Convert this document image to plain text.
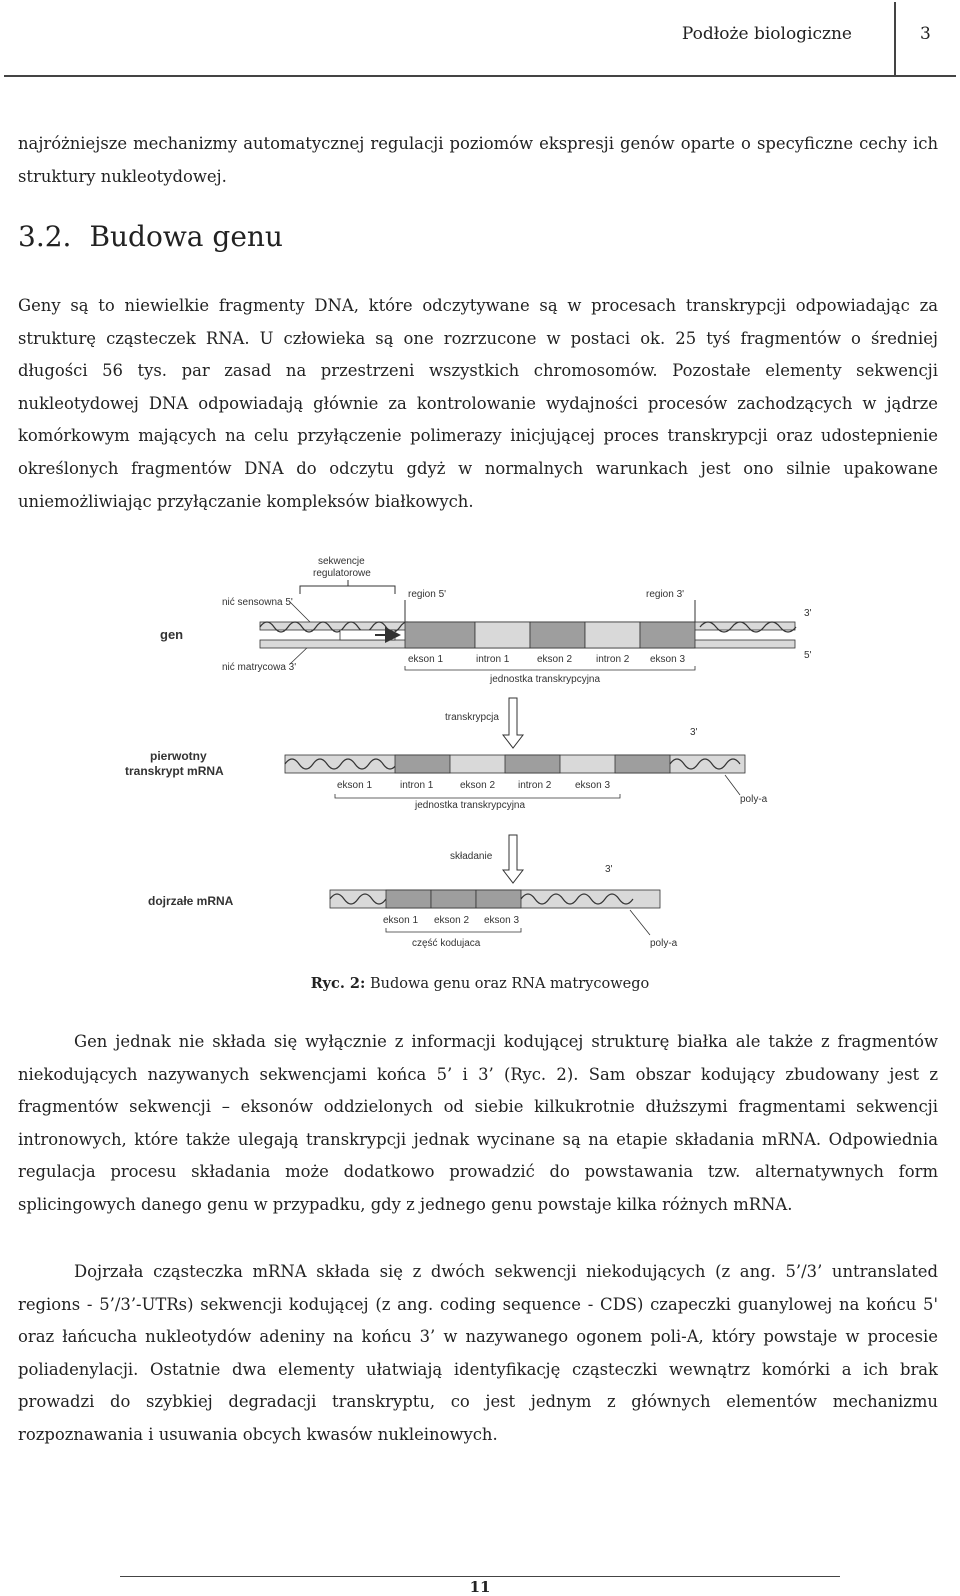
Podłoże biologiczne	3

najróżniejsze mechanizmy automatycznej regulacji poziomów ekspresji genów oparte o specyficzne cechy ich struktury nukleotydowej.

3.2. Budowa genu

Geny są to niewielkie fragmenty DNA, które odczytywane są w procesach transkrypcji odpowiadając za strukturę cząsteczek RNA. U człowieka są one rozrzucone w postaci ok. 25 tyś fragmentów o średniej długości 56 tys. par zasad na przestrzeni wszystkich chromosomów. Pozostałe elementy sekwencji nukleotydowej DNA odpowiadają głównie za kontrolowanie wydajności procesów zachodzących w jądrze komórkowym mających na celu przyłączenie polimerazy inicjującej proces transkrypcji oraz udostepnienie określonych fragmentów DNA do odczytu gdyż w normalnych warunkach jest ono silnie upakowane uniemożliwiając przyłączanie kompleksów białkowych.

gen
sekwencje
regulatorowe
nić sensowna 5'
nić matrycowa 3'
region 5'	region 3'
3'
5'
ekson 1	intron 1	ekson 2 intron 2 ekson 3
jednostka transkrypcyjna
transkrypcja
pierwotny
transkrypt mRNA
3'
ekson 1	intron 1	ekson 2 intron 2 ekson 3
jednostka transkrypcyjna
poly-a
składanie
dojrzałe mRNA
3'
ekson 1 ekson 2 ekson 3
część kodujaca	poly-a
Ryc. 2: Budowa genu oraz RNA matrycowego

Gen jednak nie składa się wyłącznie z informacji kodującej strukturę białka ale także z fragmentów niekodujących nazywanych sekwencjami końca 5’ i 3’ (Ryc. 2). Sam obszar kodujący zbudowany jest z fragmentów sekwencji – eksonów oddzielonych od siebie kilkukrotnie dłuższymi fragmentami sekwencji intronowych, które także ulegają transkrypcji jednak wycinane są na etapie składania mRNA. Odpowiednia regulacja procesu składania może dodatkowo prowadzić do powstawania tzw. alternatywnych form splicingowych danego genu w przypadku, gdy z jednego genu powstaje kilka różnych mRNA.

Dojrzała cząsteczka mRNA składa się z dwóch sekwencji niekodujących (z ang. 5’/3’ untranslated regions - 5’/3’-UTRs) sekwencji kodującej (z ang. coding sequence - CDS) czapeczki guanylowej na końcu 5' oraz łańcucha nukleotydów adeniny na końcu 3’ w nazywanego ogonem poli-A, który powstaje w procesie poliadenylacji. Ostatnie dwa elementy ułatwiają identyfikację cząsteczki wewnątrz komórki a ich brak prowadzi do szybkiej degradacji transkryptu, co jest jednym z głównych elementów mechanizmu rozpoznawania i usuwania obcych kwasów nukleinowych.

11
